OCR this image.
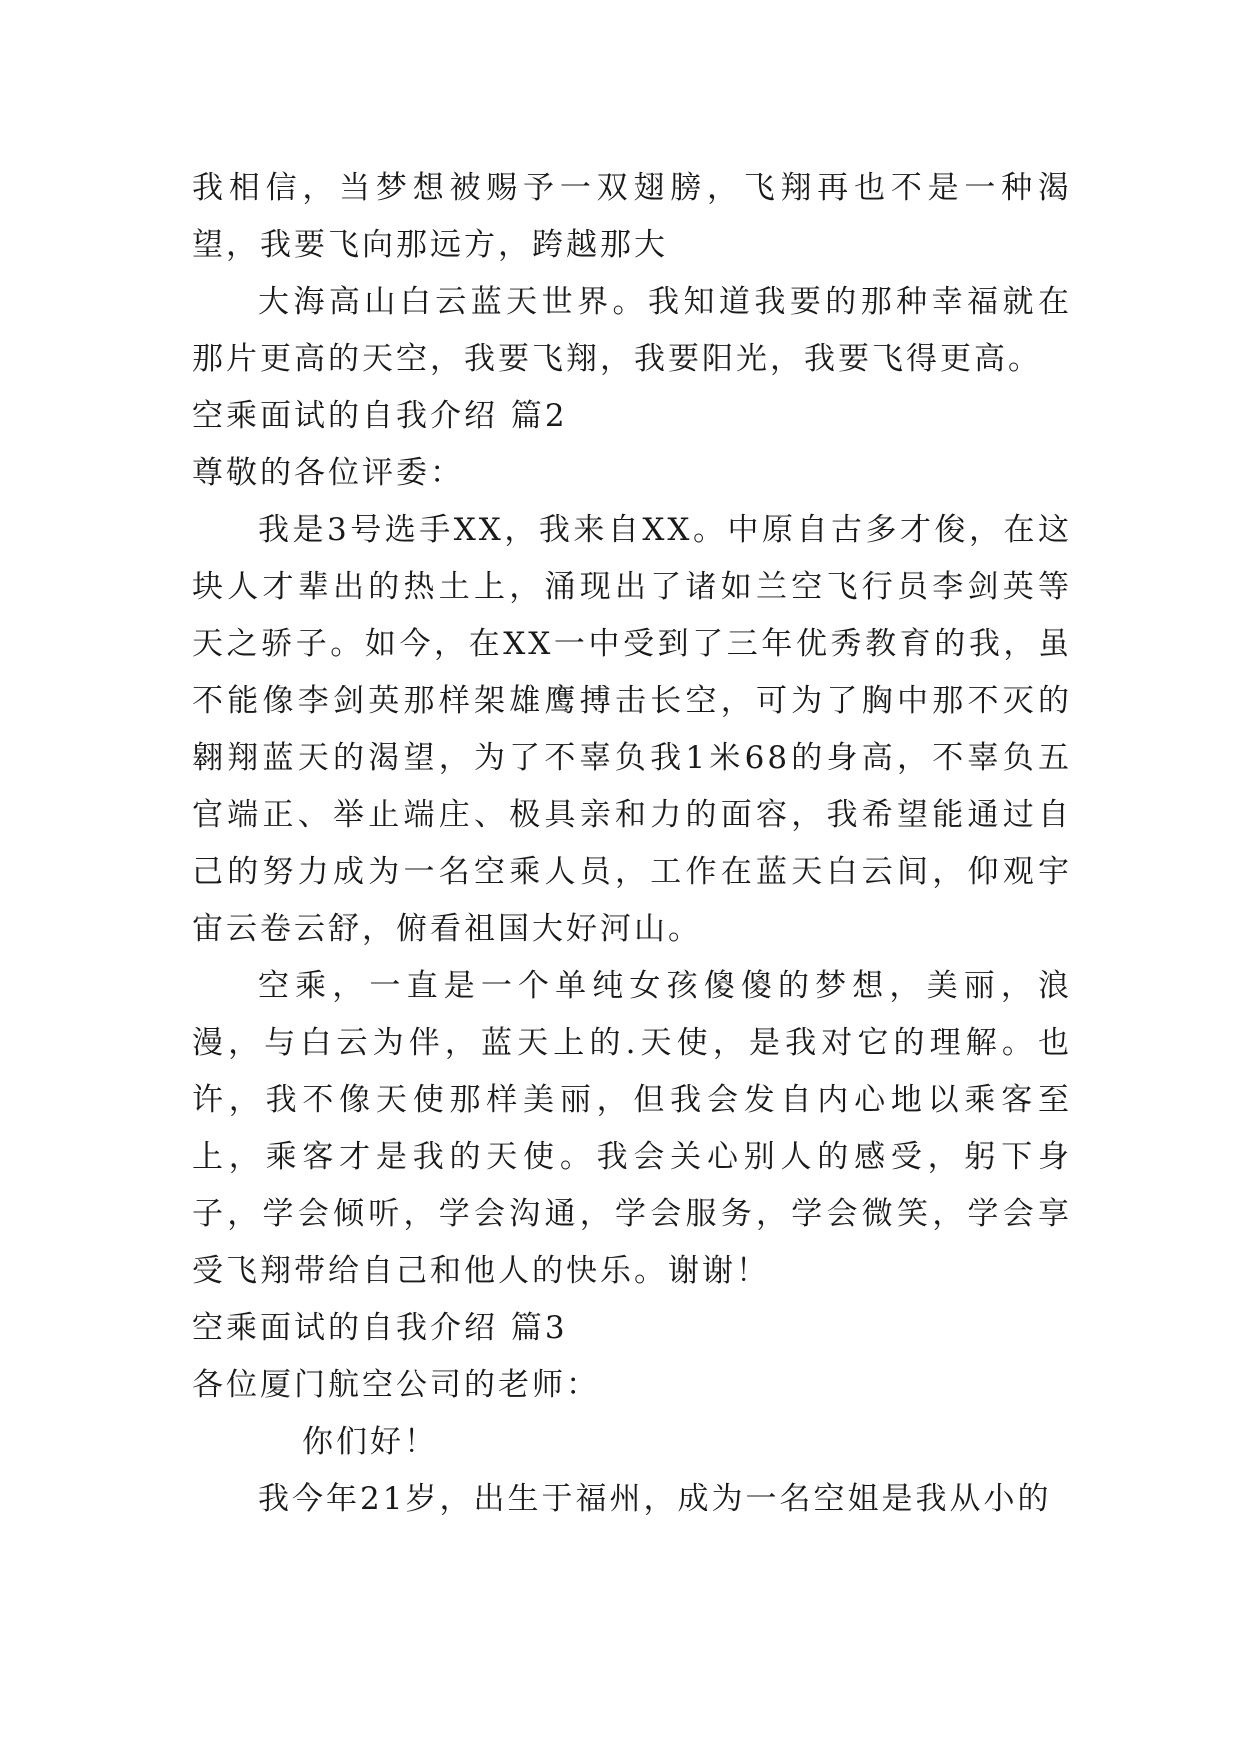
我相信，当梦想被赐予一双翅膀，飞翔再也不是一种渴望，我要飞向那远方，跨越那大

大海高山白云蓝天世界。我知道我要的那种幸福就在那片更高的天空，我要飞翔，我要阳光，我要飞得更高。

空乘面试的自我介绍 篇2

尊敬的各位评委：

我是3号选手XX，我来自XX。中原自古多才俊，在这块人才辈出的热土上，涌现出了诸如兰空飞行员李剑英等天之骄子。如今，在XX一中受到了三年优秀教育的我，虽不能像李剑英那样架雄鹰搏击长空，可为了胸中那不灭的翱翔蓝天的渴望，为了不辜负我1米68的身高，不辜负五官端正、举止端庄、极具亲和力的面容，我希望能通过自己的努力成为一名空乘人员，工作在蓝天白云间，仰观宇宙云卷云舒，俯看祖国大好河山。

空乘，一直是一个单纯女孩傻傻的梦想，美丽，浪漫，与白云为伴，蓝天上的.天使，是我对它的理解。也许，我不像天使那样美丽，但我会发自内心地以乘客至上，乘客才是我的天使。我会关心别人的感受，躬下身子，学会倾听，学会沟通，学会服务，学会微笑，学会享受飞翔带给自己和他人的快乐。谢谢！

空乘面试的自我介绍 篇3

各位厦门航空公司的老师：

你们好！

我今年21岁，出生于福州，成为一名空姐是我从小的
